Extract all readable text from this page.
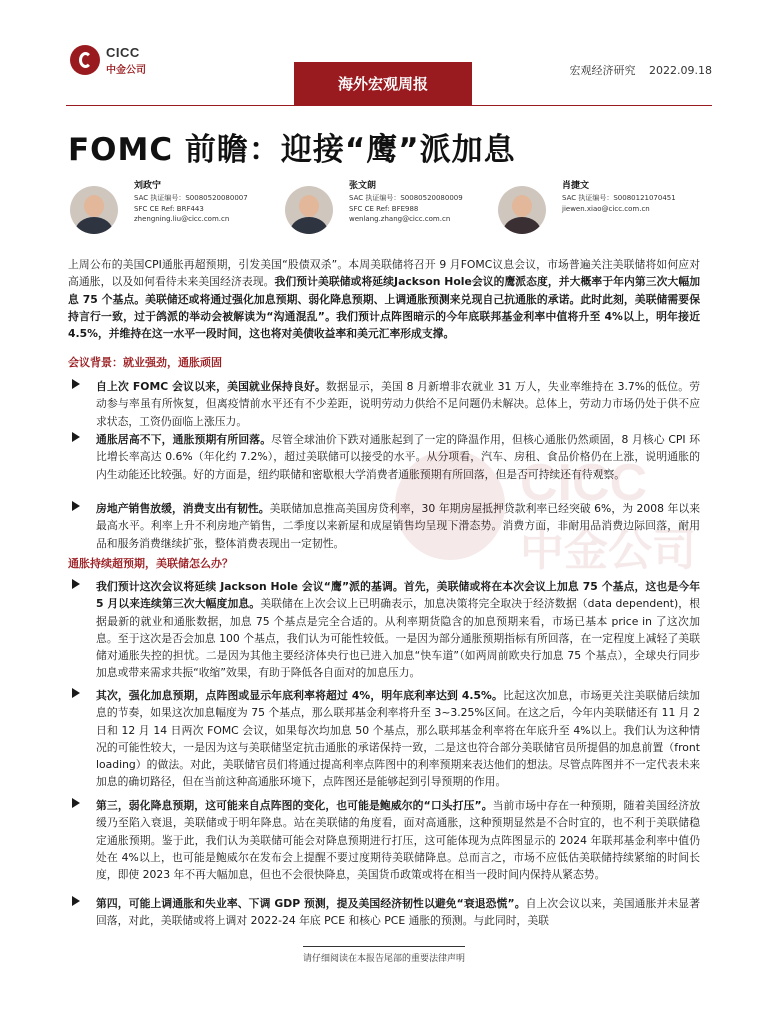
CICC
中金公司	宏观经济研究 2022.09.18
海外宏观周报
FOMC 前瞻：迎接“鹰”派加息
刘政宁
SAC 执证编号：S0080520080007
SFC CE Ref: BRF443
zhengning.liu@cicc.com.cn
张文朗
SAC 执证编号：S0080520080009
SFC CE Ref: BFE988
wenlang.zhang@cicc.com.cn
肖捷文
SAC 执证编号：S0080121070451
jiewen.xiao@cicc.com.cn
上周公布的美国CPI通胀再超预期，引发美国“股债双杀”。本周美联储将召开 9 月FOMC议息会议，市场普遍关注美联储将如何应对高通胀，以及如何看待未来美国经济表现。我们预计美联储或将延续Jackson Hole会议的鹰派态度，并大概率于年内第三次大幅加息 75 个基点。美联储还或将通过强化加息预期、弱化降息预期、上调通胀预测来兑现自己抗通胀的承诺。此时此刻，美联储需要保持言行一致，过于鸽派的举动会被解读为“沟通混乱”。我们预计点阵图暗示的今年底联邦基金利率中值将升至 4%以上，明年接近 4.5%，并维持在这一水平一段时间，这也将对美债收益率和美元汇率形成支撑。
会议背景：就业强劲，通胀顽固
自上次 FOMC 会议以来，美国就业保持良好。数据显示，美国 8 月新增非农就业 31 万人，失业率维持在 3.7%的低位。劳动参与率虽有所恢复，但离疫情前水平还有不少差距，说明劳动力供给不足问题仍未解决。总体上，劳动力市场仍处于供不应求状态，工资仍面临上涨压力。
通胀居高不下，通胀预期有所回落。尽管全球油价下跌对通胀起到了一定的降温作用，但核心通胀仍然顽固，8 月核心 CPI 环比增长率高达 0.6%（年化约 7.2%），超过美联储可以接受的水平。从分项看，汽车、房租、食品价格仍在上涨，说明通胀的内生动能还比较强。好的方面是，纽约联储和密歇根大学消费者通胀预期有所回落，但是否可持续还有待观察。
房地产销售放缓，消费支出有韧性。美联储加息推高美国房贷利率，30 年期房屋抵押贷款利率已经突破 6%，为 2008 年以来最高水平。利率上升不利房地产销售，二季度以来新屋和成屋销售均呈现下滑态势。消费方面，非耐用品消费边际回落，耐用品和服务消费继续扩张，整体消费表现出一定韧性。
通胀持续超预期，美联储怎么办？
我们预计这次会议将延续 Jackson Hole 会议“鹰”派的基调。首先，美联储或将在本次会议上加息 75 个基点，这也是今年 5 月以来连续第三次大幅度加息。美联储在上次会议上已明确表示，加息决策将完全取决于经济数据（data dependent)，根据最新的就业和通胀数据，加息 75 个基点是完全合适的。从利率期货隐含的加息预期来看，市场已基本 price in 了这次加息。至于这次是否会加息 100 个基点，我们认为可能性较低。一是因为部分通胀预期指标有所回落，在一定程度上减轻了美联储对通胀失控的担忧。二是因为其他主要经济体央行也已进入加息“快车道”（如两周前欧央行加息 75 个基点），全球央行同步加息或带来需求共振“收缩”效果，有助于降低各自面对的加息压力。
其次，强化加息预期，点阵图或显示年底利率将超过 4%，明年底利率达到 4.5%。比起这次加息，市场更关注美联储后续加息的节奏，如果这次加息幅度为 75 个基点，那么联邦基金利率将升至 3~3.25%区间。在这之后，今年内美联储还有 11 月 2 日和 12 月 14 日两次 FOMC 会议，如果每次均加息 50 个基点，那么联邦基金利率将在年底升至 4%以上。我们认为这种情况的可能性较大，一是因为这与美联储坚定抗击通胀的承诺保持一致，二是这也符合部分美联储官员所提倡的加息前置（front loading）的做法。对此，美联储官员们将通过提高利率点阵图中的利率预期来表达他们的想法。尽管点阵图并不一定代表未来加息的确切路径，但在当前这种高通胀环境下，点阵图还是能够起到引导预期的作用。
第三，弱化降息预期，这可能来自点阵图的变化，也可能是鲍威尔的“口头打压”。当前市场中存在一种预期，随着美国经济放缓乃至陷入衰退，美联储或于明年降息。站在美联储的角度看，面对高通胀，这种预期显然是不合时宜的，也不利于美联储稳定通胀预期。鉴于此，我们认为美联储可能会对降息预期进行打压，这可能体现为点阵图显示的 2024 年联邦基金利率中值仍处在 4%以上，也可能是鲍威尔在发布会上提醒不要过度期待美联储降息。总而言之，市场不应低估美联储持续紧缩的时间长度，即使 2023 年不再大幅加息，但也不会很快降息，美国货币政策或将在相当一段时间内保持从紧态势。
第四，可能上调通胀和失业率、下调 GDP 预测，提及美国经济韧性以避免“衰退恐慌”。自上次会议以来，美国通胀并未显著回落，对此，美联储或将上调对 2022-24 年底 PCE 和核心 PCE 通胀的预测。与此同时，美联
CICC
中金公司
请仔细阅读在本报告尾部的重要法律声明
